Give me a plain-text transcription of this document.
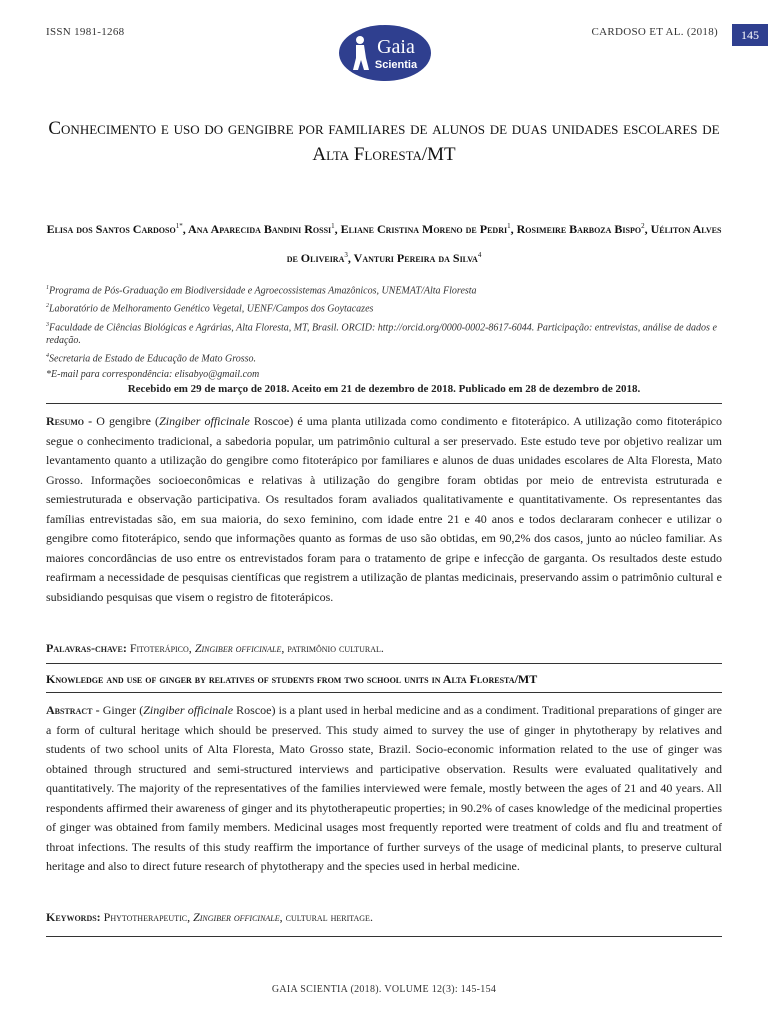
ISSN 1981-1268	CARDOSO ET AL. (2018)	145
Gaia
Scientia
Conhecimento e uso do gengibre por familiares de alunos de duas unidades escolares de Alta Floresta/MT
Elisa dos Santos Cardoso$^{1*}$, Ana Aparecida Bandini Rossi$^1$, Eliane Cristina Moreno de Pedri$^1$, Rosimeire Barboza Bispo$^2$, Uéliton Alves de Oliveira$^3$, Vanturi Pereira da Silva$^4$
$^1$Programa de Pós-Graduação em Biodiversidade e Agroecossistemas Amazônicos, UNEMAT/Alta Floresta
$^2$Laboratório de Melhoramento Genético Vegetal, UENF/Campos dos Goytacazes
$^3$Faculdade de Ciências Biológicas e Agrárias, Alta Floresta, MT, Brasil. ORCID: http://orcid.org/0000-0002-8617-6044. Participação: entrevistas, análise de dados e redação.
$^4$Secretaria de Estado de Educação de Mato Grosso.
*E-mail para correspondência: elisabyo@gmail.com
Recebido em 29 de março de 2018. Aceito em 21 de dezembro de 2018. Publicado em 28 de dezembro de 2018.
Resumo - O gengibre (Zingiber officinale Roscoe) é uma planta utilizada como condimento e fitoterápico. A utilização como fitoterápico segue o conhecimento tradicional, a sabedoria popular, um patrimônio cultural a ser preservado. Este estudo teve por objetivo realizar um levantamento quanto a utilização do gengibre como fitoterápico por familiares e alunos de duas unidades escolares de Alta Floresta, Mato Grosso. Informações socioeconômicas e relativas à utilização do gengibre foram obtidas por meio de entrevista estruturada e semiestruturada e observação participativa. Os resultados foram avaliados qualitativamente e quantitativamente. Os representantes das famílias entrevistadas são, em sua maioria, do sexo feminino, com idade entre 21 e 40 anos e todos declararam conhecer e utilizar o gengibre como fitoterápico, sendo que informações quanto as formas de uso são obtidas, em 90,2% dos casos, junto ao núcleo familiar. As maiores concordâncias de uso entre os entrevistados foram para o tratamento de gripe e infecção de garganta. Os resultados deste estudo reafirmam a necessidade de pesquisas científicas que registrem a utilização de plantas medicinais, preservando assim o patrimônio cultural e subsidiando pesquisas que visem o registro de fitoterápicos.
Palavras-chave: Fitoterápico, Zingiber officinale, patrimônio cultural.
Knowledge and use of ginger by relatives of students from two school units in Alta Floresta/MT
Abstract - Ginger (Zingiber officinale Roscoe) is a plant used in herbal medicine and as a condiment. Traditional preparations of ginger are a form of cultural heritage which should be preserved. This study aimed to survey the use of ginger in phytotherapy by relatives and students of two school units of Alta Floresta, Mato Grosso state, Brazil. Socio-economic information related to the use of ginger was obtained through structured and semi-structured interviews and participative observation. Results were evaluated qualitatively and quantitatively. The majority of the representatives of the families interviewed were female, mostly between the ages of 21 and 40 years. All respondents affirmed their awareness of ginger and its phytotherapeutic properties; in 90.2% of cases knowledge of the medicinal properties of ginger was obtained from family members. Medicinal usages most frequently reported were treatment of colds and flu and treatment of throat infections. The results of this study reaffirm the importance of further surveys of the usage of medicinal plants, to preserve cultural heritage and also to direct future research of phytotherapy and the species used in herbal medicine.
Keywords: Phytotherapeutic, Zingiber officinale, cultural heritage.
GAIA SCIENTIA (2018). VOLUME 12(3): 145-154
